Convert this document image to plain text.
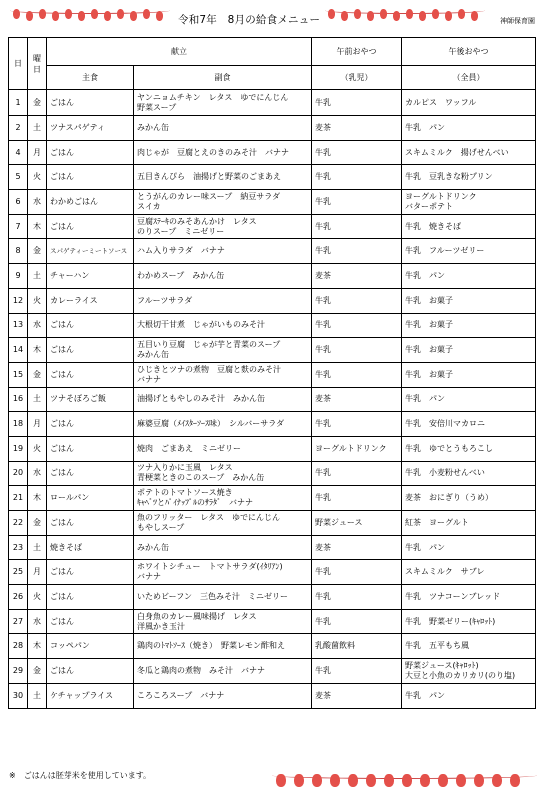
令和7年　8月の給食メニュー	神師保育園
日	曜日	献立		午前おやつ	午後おやつ
		主食	副食	（乳児）	（全員）
1	金	ごはん	ヤンニョムチキン　レタス　ゆでにんじん
野菜スープ	牛乳	カルピス　ワッフル
2	土	ツナスパゲティ	みかん缶	麦茶	牛乳　パン
4	月	ごはん	肉じゃが　豆腐とえのきのみそ汁　バナナ	牛乳	スキムミルク　揚げせんべい
5	火	ごはん	五目きんぴら　油揚げと野菜のごまあえ	牛乳	牛乳　豆乳きな粉プリン
6	水	わかめごはん	とうがんのカレー味スープ　納豆サラダ
スイカ	牛乳	ヨーグルトドリンク
バターポテト
7	木	ごはん	豆腐ｽﾃｰｷのみそあんかけ　レタス
のりスープ　ミニゼリー	牛乳	牛乳　焼きそば
8	金	スパゲティーミートソース	ハム入りサラダ　バナナ	牛乳	牛乳　フルーツゼリー
9	土	チャーハン	わかめスープ　みかん缶	麦茶	牛乳　パン
12	火	カレーライス	フルーツサラダ	牛乳	牛乳　お菓子
13	水	ごはん	大根切干甘煮　じゃがいものみそ汁	牛乳	牛乳　お菓子
14	木	ごはん	五目いり豆腐　じゃが芋と青菜のスープ
みかん缶	牛乳	牛乳　お菓子
15	金	ごはん	ひじきとツナの煮物　豆腐と麩のみそ汁
バナナ	牛乳	牛乳　お菓子
16	土	ツナそぼろご飯	油揚げともやしのみそ汁　みかん缶	麦茶	牛乳　パン
18	月	ごはん	麻婆豆腐（ﾒｲｽﾀｰｿｰｽ味）　シルバーサラダ	牛乳	牛乳　安倍川マカロニ
19	火	ごはん	焼肉　ごまあえ　ミニゼリー	ヨーグルトドリンク	牛乳　ゆでとうもろこし
20	水	ごはん	ツナ入りかに玉風　レタス
青梗菜ときのこのスープ　みかん缶	牛乳	牛乳　小麦粉せんべい
21	木	ロールパン	ポテトのトマトソース焼き
ｷｬﾍﾞﾂとﾊﾟｲﾅｯﾌﾟﾙのｻﾗﾀﾞ　バナナ	牛乳	麦茶　おにぎり（うめ）
22	金	ごはん	魚のフリッター　レタス　ゆでにんじん
もやしスープ	野菜ジュース	紅茶　ヨーグルト
23	土	焼きそば	みかん缶	麦茶	牛乳　パン
25	月	ごはん	ホワイトシチュー　トマトサラダ(ｲﾀﾘｱﾝ)
バナナ	牛乳	スキムミルク　サブレ
26	火	ごはん	いためビーフン　三色みそ汁　ミニゼリー	牛乳	牛乳　ツナコーンブレッド
27	水	ごはん	白身魚のカレー風味揚げ　レタス
洋風かき玉汁	牛乳	牛乳　野菜ゼリー(ｷｬﾛｯﾄ)
28	木	コッペパン	鶏肉のﾄﾏﾄｿｰｽ（焼き）　野菜レモン酢和え	乳酸菌飲料	牛乳　五平もち風
29	金	ごはん	冬瓜と鶏肉の煮物　みそ汁　バナナ	牛乳	野菜ジュース(ｷｬﾛｯﾄ)
大豆と小魚のカリカリ(のり塩)
30	土	ケチャップライス	ころころスープ　バナナ	麦茶	牛乳　パン
※　ごはんは胚芽米を使用しています。
